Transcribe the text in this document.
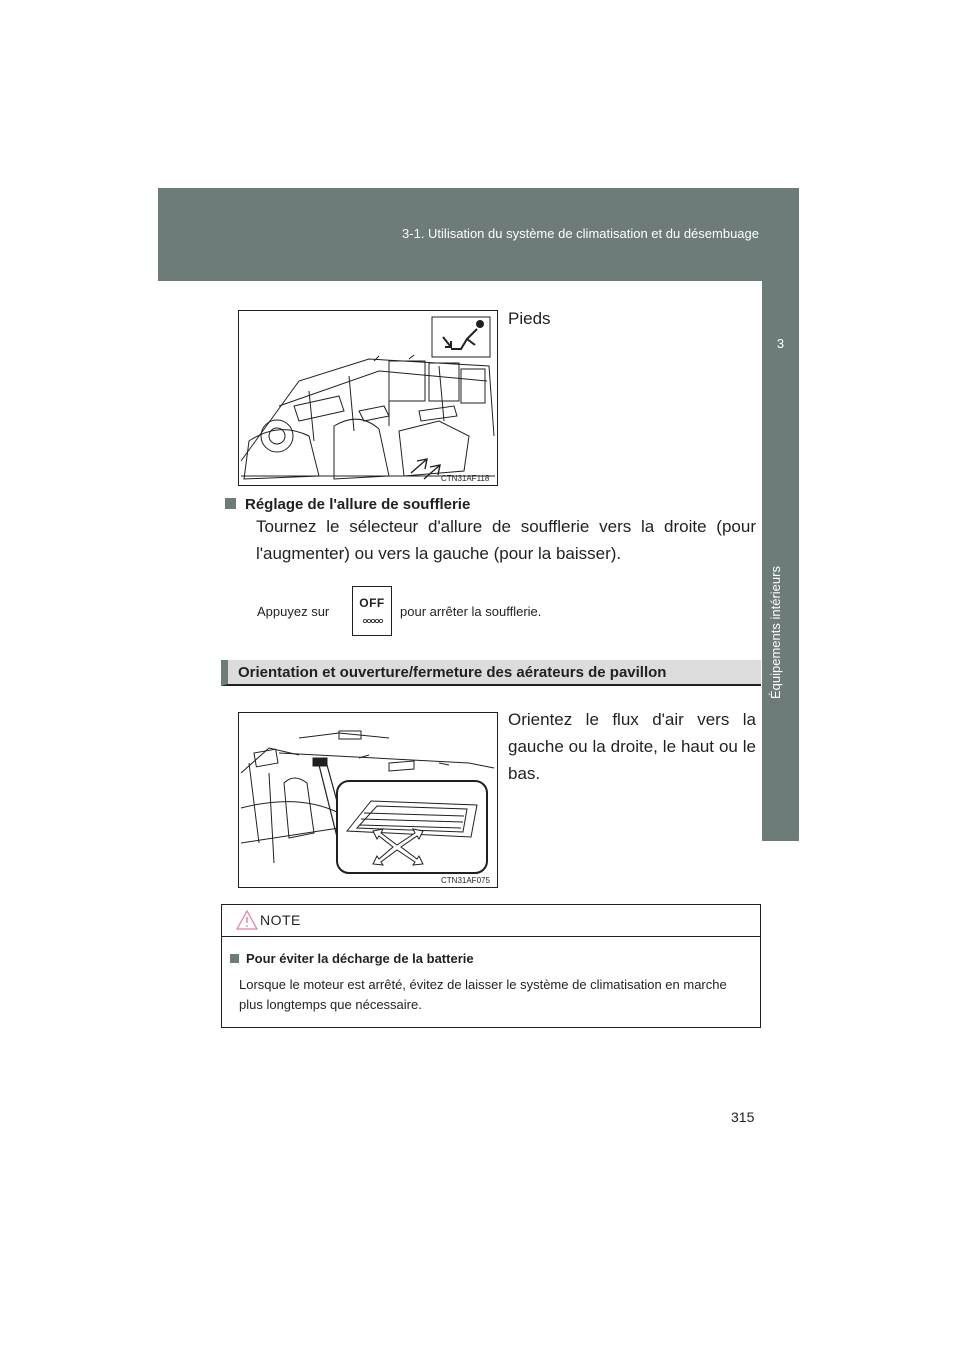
3-1. Utilisation du système de climatisation et du désembuage
3
Équipements intérieurs
CTN31AF118
Pieds
Réglage de l'allure de soufflerie
Tournez le sélecteur d'allure de soufflerie vers la droite (pour l'augmenter) ou vers la gauche (pour la baisser).
Appuyez sur
OFF
pour arrêter la soufflerie.
Orientation et ouverture/fermeture des aérateurs de pavillon
CTN31AF075
Orientez le flux d'air vers la gauche ou la droite, le haut ou le bas.
NOTE
Pour éviter la décharge de la batterie
Lorsque le moteur est arrêté, évitez de laisser le système de climatisation en marche plus longtemps que nécessaire.
315
